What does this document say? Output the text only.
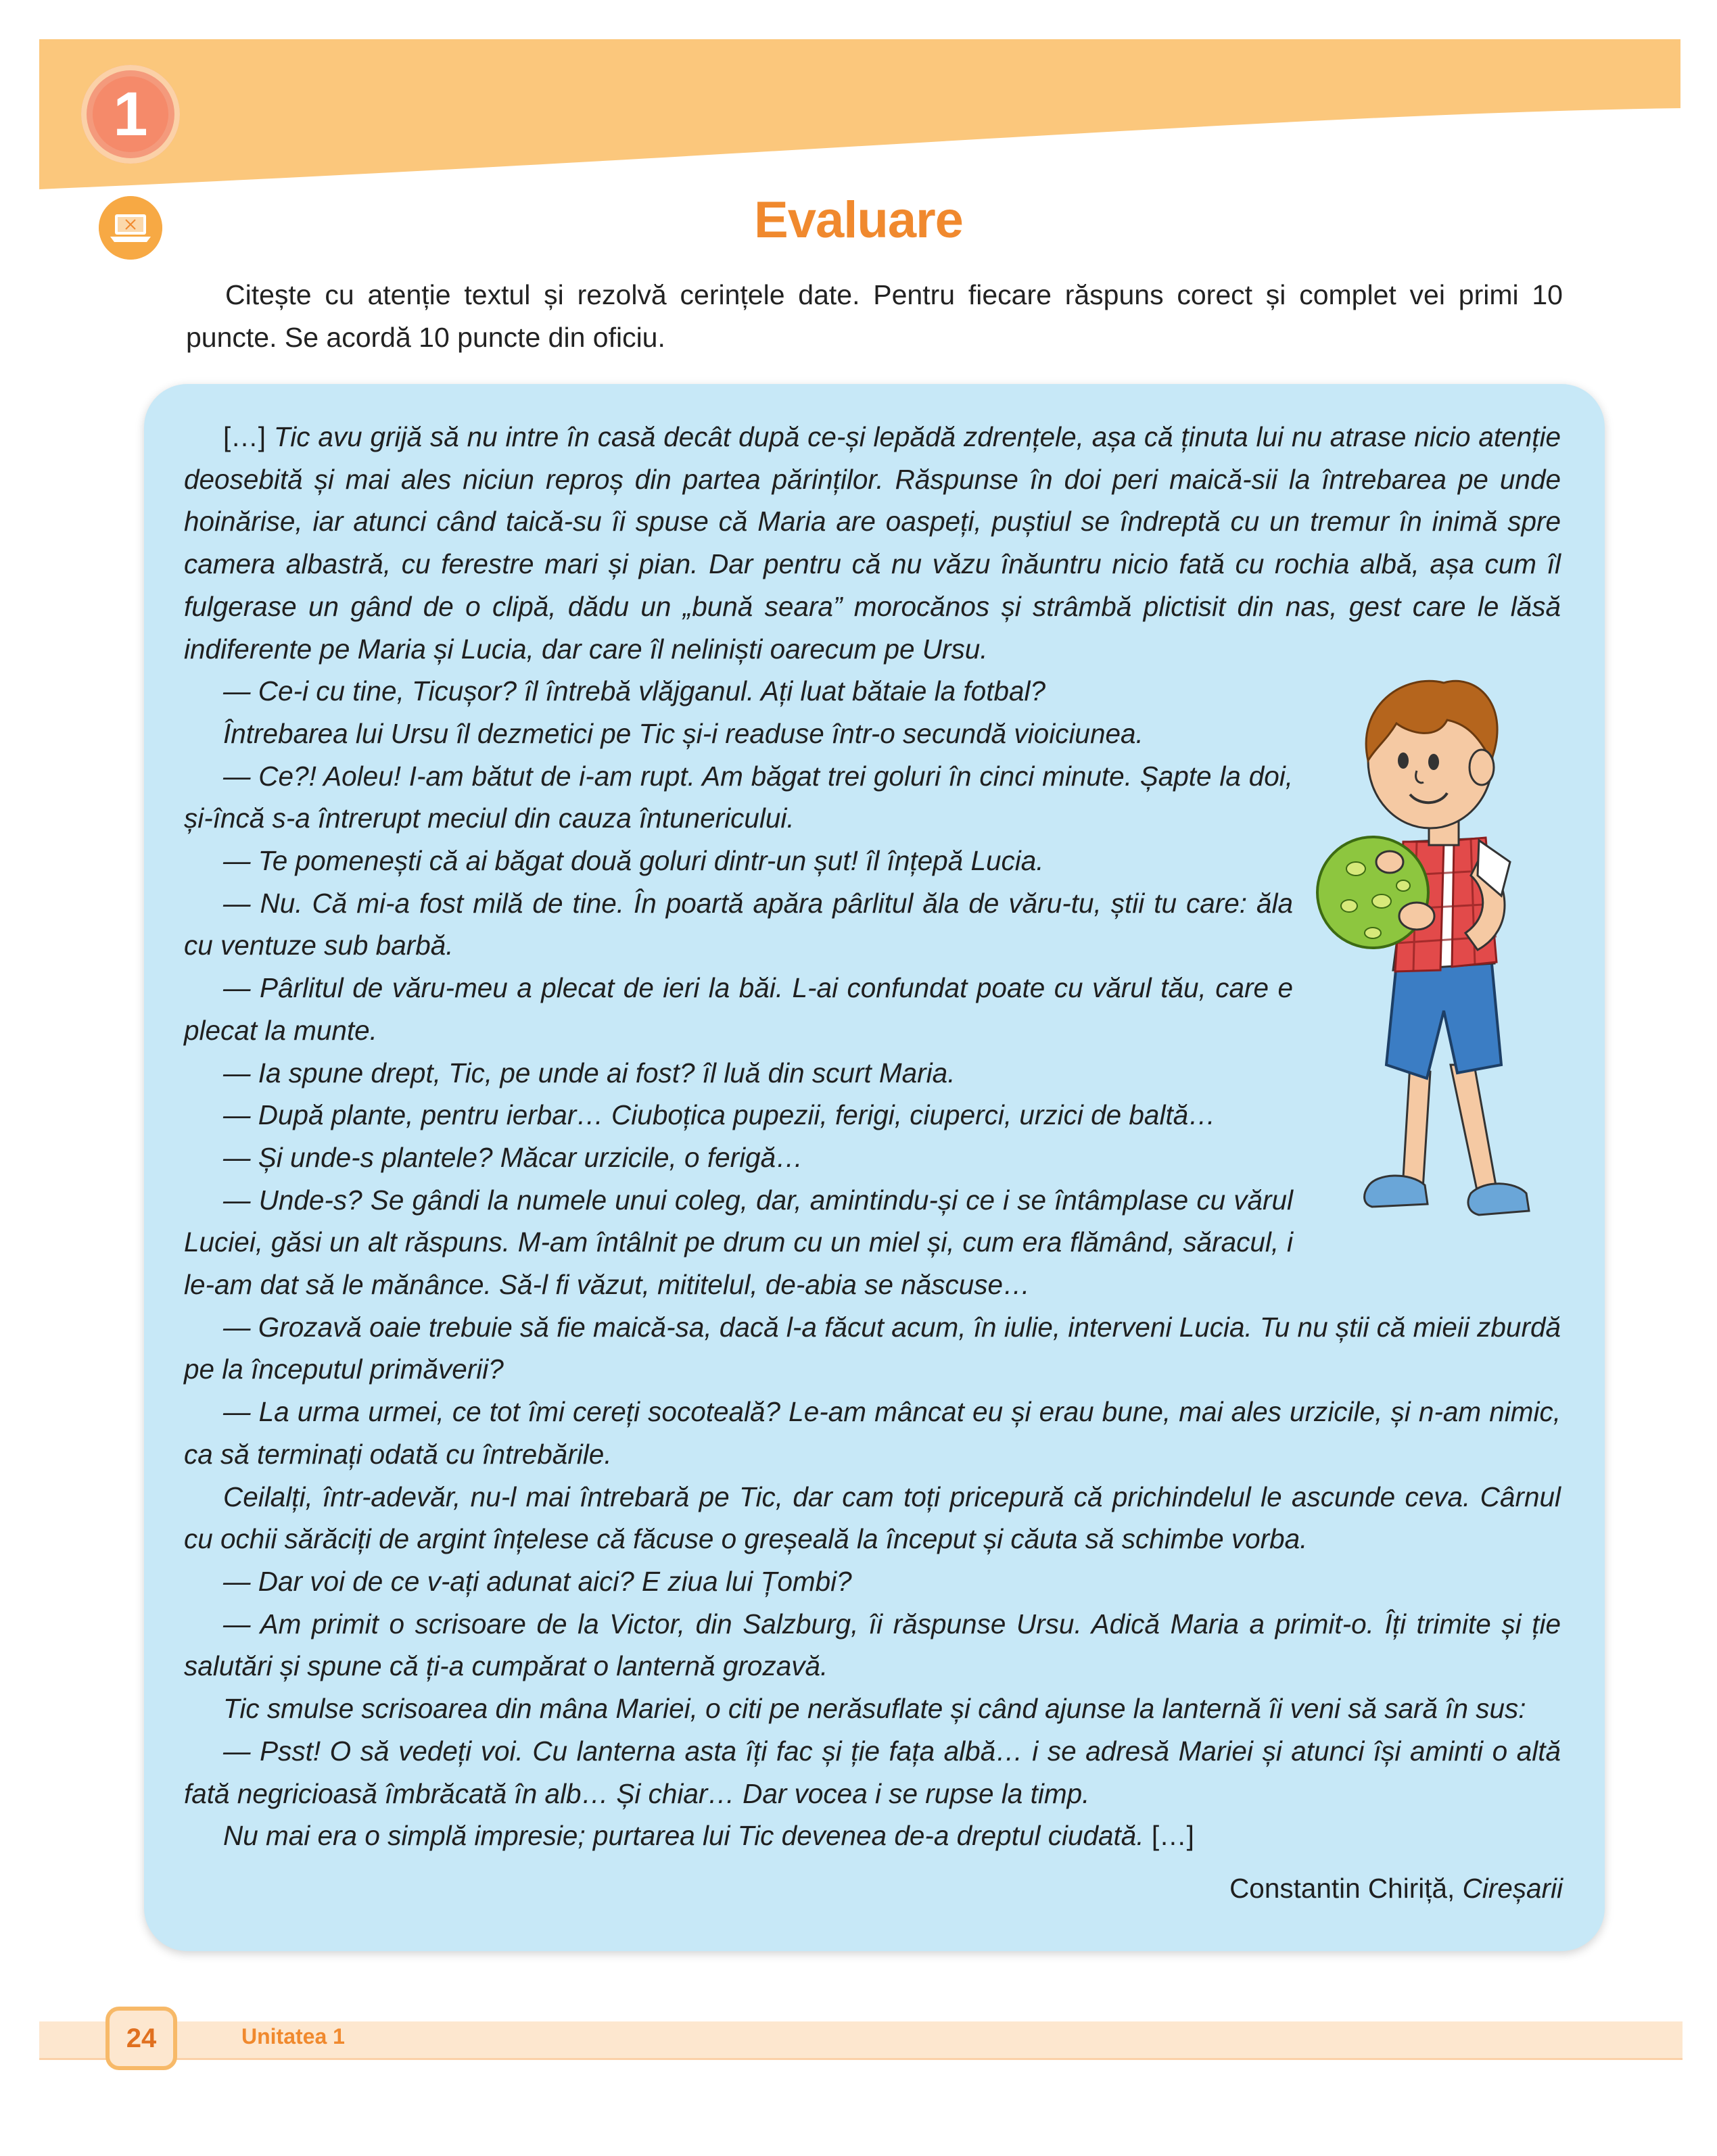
1
Evaluare
Citește cu atenție textul și rezolvă cerințele date. Pentru fiecare răspuns corect și complet vei primi 10 puncte. Se acordă 10 puncte din oficiu.

[…] Tic avu grijă să nu intre în casă decât după ce-și lepădă zdrențele, așa că ținuta lui nu atrase nicio atenție deosebită și mai ales niciun reproș din partea părinților. Răspunse în doi peri maică-sii la întrebarea pe unde hoinărise, iar atunci când taică-su îi spuse că Maria are oaspeți, puștiul se îndreptă cu un tremur în inimă spre camera albastră, cu ferestre mari și pian. Dar pentru că nu văzu înăuntru nicio fată cu rochia albă, așa cum îl fulgerase un gând de o clipă, dădu un „bună seara” morocănos și strâmbă plictisit din nas, gest care le lăsă indiferente pe Maria și Lucia, dar care îl neliniști oarecum pe Ursu.

— Ce-i cu tine, Ticușor? îl întrebă vlăjganul. Ați luat bătaie la fotbal?

Întrebarea lui Ursu îl dezmetici pe Tic și-i readuse într-o secundă vioiciunea.

— Ce?! Aoleu! I-am bătut de i-am rupt. Am băgat trei goluri în cinci minute. Șapte la doi, și-încă s-a întrerupt meciul din cauza întunericului.

— Te pomenești că ai băgat două goluri dintr-un șut! îl înțepă Lucia.

— Nu. Că mi-a fost milă de tine. În poartă apăra pârlitul ăla de văru-tu, știi tu care: ăla cu ventuze sub barbă.

— Pârlitul de văru-meu a plecat de ieri la băi. L-ai confundat poate cu vărul tău, care e plecat la munte.

— Ia spune drept, Tic, pe unde ai fost? îl luă din scurt Maria.

— După plante, pentru ierbar… Ciuboțica pupezii, ferigi, ciuperci, urzici de baltă…

— Și unde-s plantele? Măcar urzicile, o ferigă…

— Unde-s? Se gândi la numele unui coleg, dar, amintindu-și ce i se întâmplase cu vărul Luciei, găsi un alt răspuns. M-am întâlnit pe drum cu un miel și, cum era flămând, săracul, i le-am dat să le mănânce. Să-l fi văzut, mititelul, de-abia se născuse…

— Grozavă oaie trebuie să fie maică-sa, dacă l-a făcut acum, în iulie, interveni Lucia. Tu nu știi că mieii zburdă pe la începutul primăverii?

— La urma urmei, ce tot îmi cereți socoteală? Le-am mâncat eu și erau bune, mai ales urzicile, și n-am nimic, ca să terminați odată cu întrebările.

Ceilalți, într-adevăr, nu-l mai întrebară pe Tic, dar cam toți pricepură că prichindelul le ascunde ceva. Cârnul cu ochii sărăciți de argint înțelese că făcuse o greșeală la început și căuta să schimbe vorba.

— Dar voi de ce v-ați adunat aici? E ziua lui Țombi?

— Am primit o scrisoare de la Victor, din Salzburg, îi răspunse Ursu. Adică Maria a primit-o. Îți trimite și ție salutări și spune că ți-a cumpărat o lanternă grozavă.

Tic smulse scrisoarea din mâna Mariei, o citi pe nerăsuflate și când ajunse la lanternă îi veni să sară în sus:

— Psst! O să vedeți voi. Cu lanterna asta îți fac și ție fața albă… i se adresă Mariei și atunci își aminti o altă fată negricioasă îmbrăcată în alb… Și chiar… Dar vocea i se rupse la timp.

Nu mai era o simplă impresie; purtarea lui Tic devenea de-a dreptul ciudată. […]

Constantin Chiriță, Cireșarii
24	Unitatea 1
